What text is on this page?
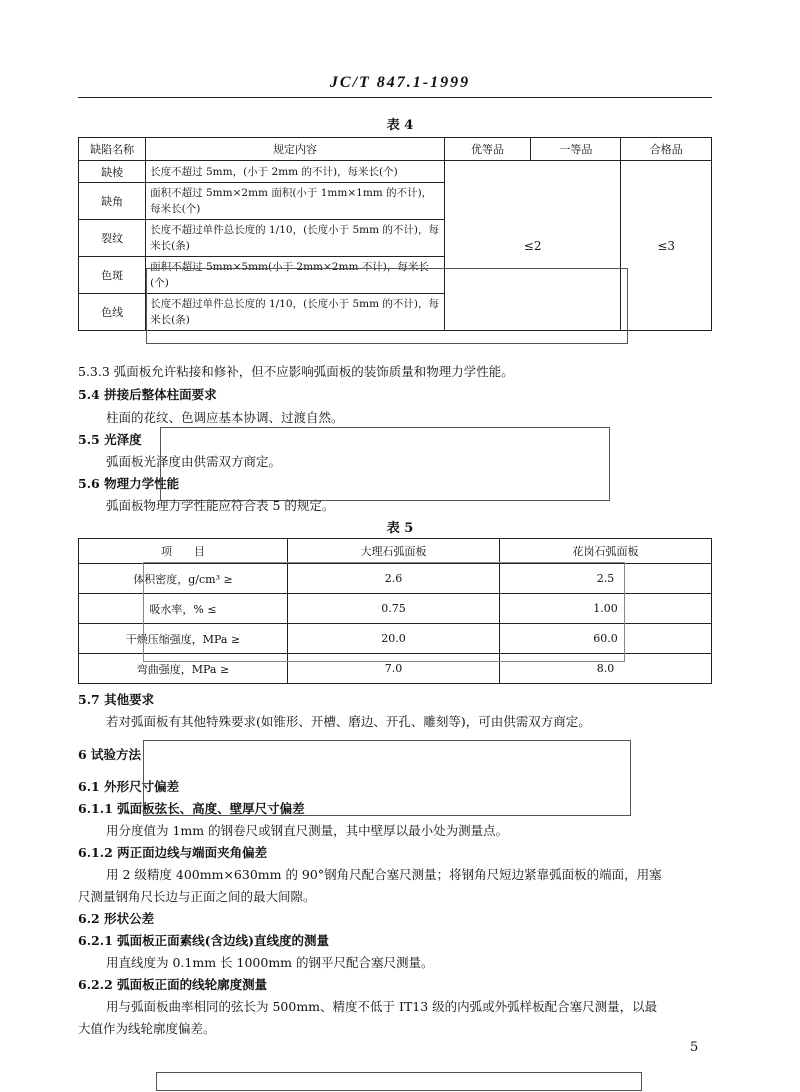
JC/T 847.1-1999
表 4
缺陷名称	规定内容	优等品	一等品	合格品
缺棱	长度不超过 5mm，(小于 2mm 的不计)，每米长(个)	≤2		≤3
缺角	面积不超过 5mm×2mm 面积(小于 1mm×1mm 的不计)，每米长(个)			
裂纹	长度不超过单件总长度的 1/10，(长度小于 5mm 的不计)，每米长(条)			
色斑	面积不超过 5mm×5mm(小于 2mm×2mm 不计)，每米长(个)			
色线	长度不超过单件总长度的 1/10，(长度小于 5mm 的不计)，每米长(条)			
5.3.3 弧面板允许粘接和修补，但不应影响弧面板的装饰质量和物理力学性能。
5.4 拼接后整体柱面要求
柱面的花纹、色调应基本协调、过渡自然。
5.5 光泽度
弧面板光泽度由供需双方商定。
5.6 物理力学性能
弧面板物理力学性能应符合表 5 的规定。
表 5
项　　目	大理石弧面板	花岗石弧面板
体积密度，g/cm³ ≥	2.6	2.5
吸水率，% ≤	0.75	1.00
干燥压缩强度，MPa ≥	20.0	60.0
弯曲强度，MPa ≥	7.0	8.0
5.7 其他要求
若对弧面板有其他特殊要求(如锥形、开槽、磨边、开孔、雕刻等)，可由供需双方商定。
6 试验方法
6.1 外形尺寸偏差
6.1.1 弧面板弦长、高度、壁厚尺寸偏差
用分度值为 1mm 的钢卷尺或钢直尺测量，其中壁厚以最小处为测量点。
6.1.2 两正面边线与端面夹角偏差
用 2 级精度 400mm×630mm 的 90°钢角尺配合塞尺测量；将钢角尺短边紧靠弧面板的端面，用塞
尺测量钢角尺长边与正面之间的最大间隙。
6.2 形状公差
6.2.1 弧面板正面素线(含边线)直线度的测量
用直线度为 0.1mm 长 1000mm 的钢平尺配合塞尺测量。
6.2.2 弧面板正面的线轮廓度测量
用与弧面板曲率相同的弦长为 500mm、精度不低于 IT13 级的内弧或外弧样板配合塞尺测量，以最
大值作为线轮廓度偏差。
5
